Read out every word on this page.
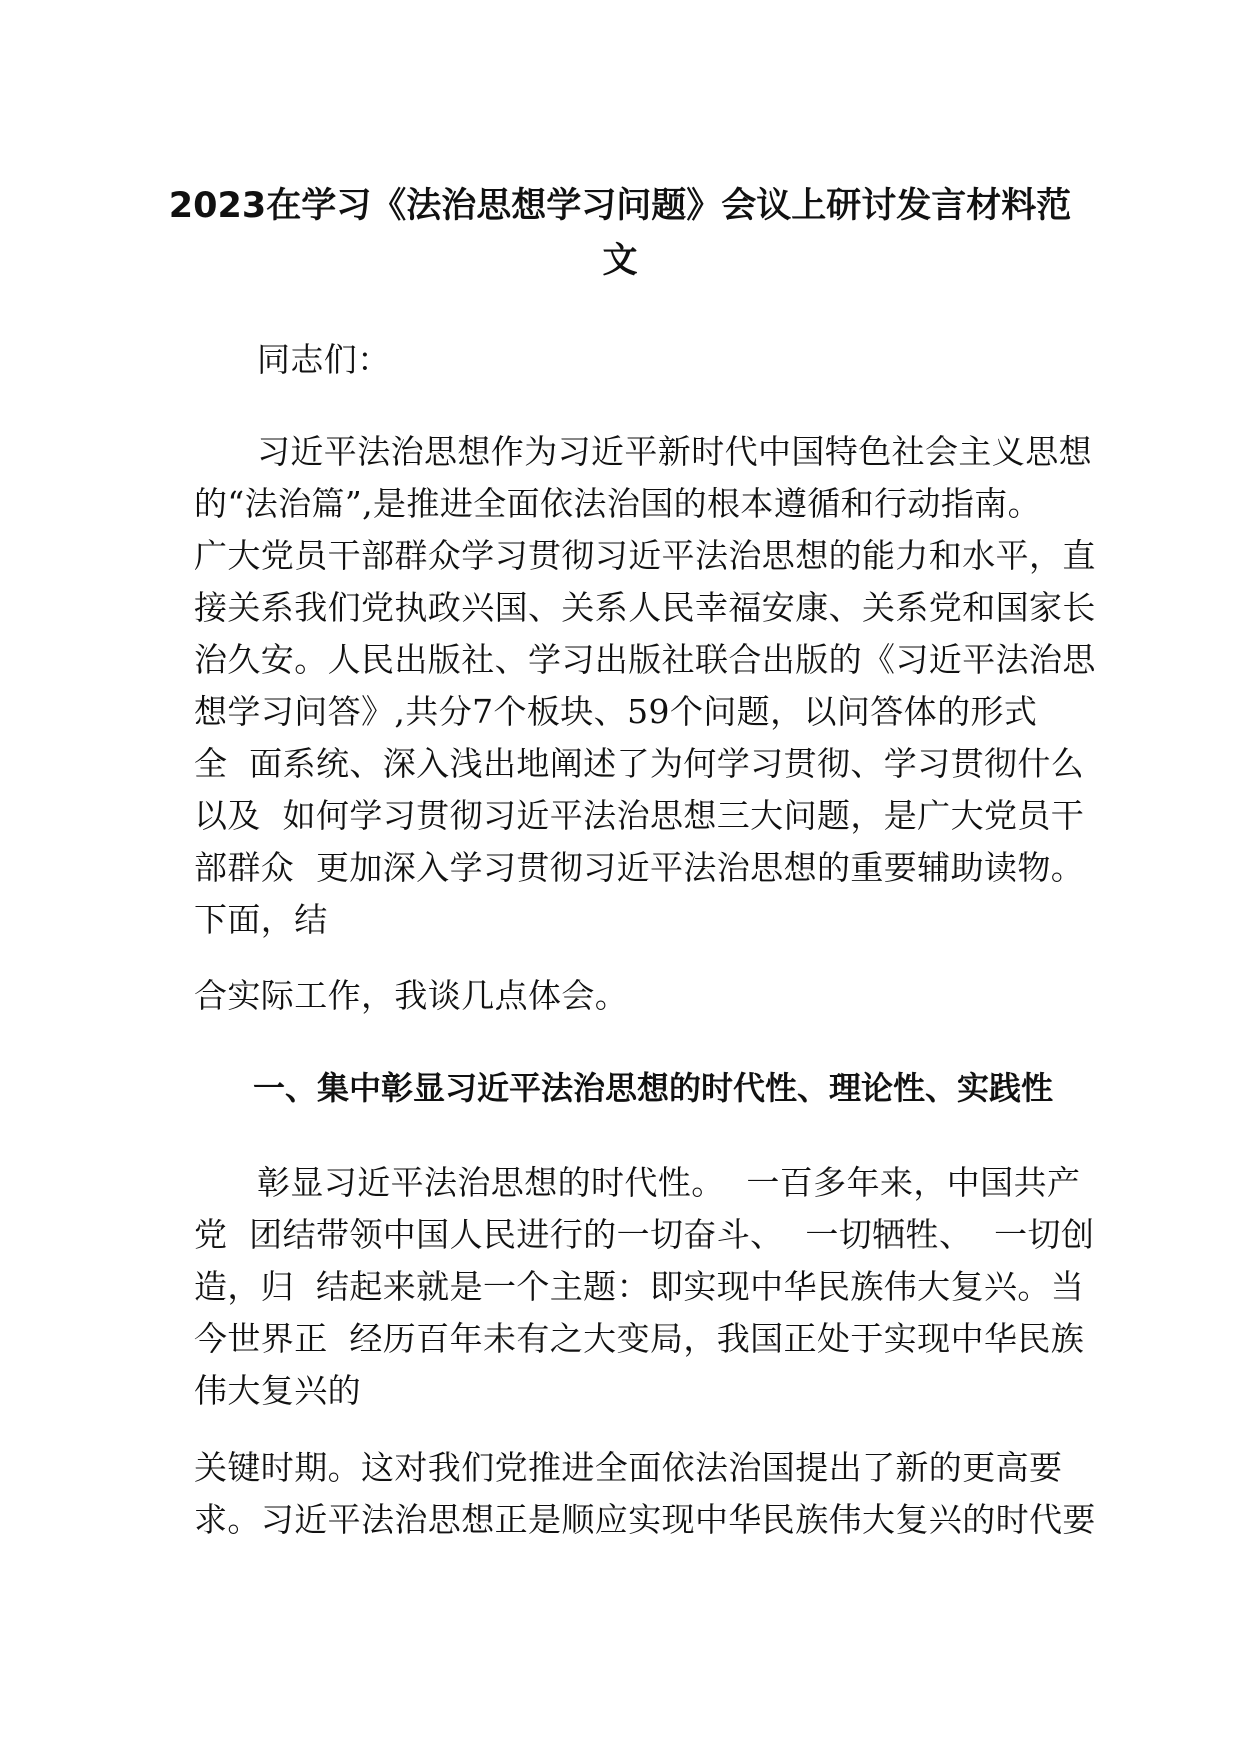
2023在学习《法治思想学习问题》会议上研讨发言材料范
文

同志们：

习近平法治思想作为习近平新时代中国特色社会主义思想

的“法治篇”,是推进全面依法治国的根本遵循和行动指南。

广大党员干部群众学习贯彻习近平法治思想的能力和水平，直

接关系我们党执政兴国、关系人民幸福安康、关系党和国家长

治久安。人民出版社、学习出版社联合出版的《习近平法治思

想学习问答》,共分7个板块、59个问题，以问答体的形式

全  面系统、深入浅出地阐述了为何学习贯彻、学习贯彻什么

以及  如何学习贯彻习近平法治思想三大问题，是广大党员干

部群众  更加深入学习贯彻习近平法治思想的重要辅助读物。

下面，结

合实际工作，我谈几点体会。

一、集中彰显习近平法治思想的时代性、理论性、实践性

彰显习近平法治思想的时代性。  一百多年来，中国共产

党  团结带领中国人民进行的一切奋斗、  一切牺牲、  一切创

造，归  结起来就是一个主题：即实现中华民族伟大复兴。当

今世界正  经历百年未有之大变局，我国正处于实现中华民族

伟大复兴的

关键时期。这对我们党推进全面依法治国提出了新的更高要

求。习近平法治思想正是顺应实现中华民族伟大复兴的时代要
